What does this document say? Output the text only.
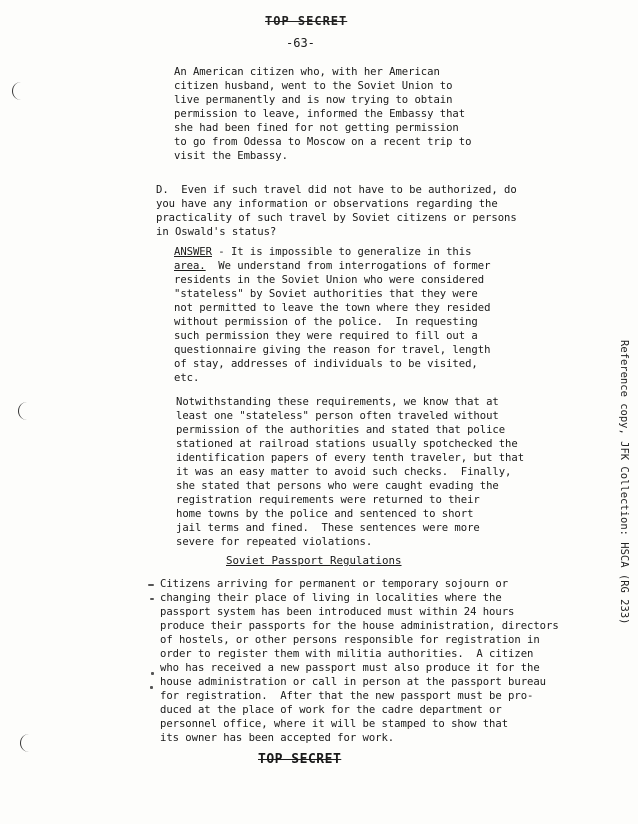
TOP SECRET
-63-
An American citizen who, with her American
citizen husband, went to the Soviet Union to
live permanently and is now trying to obtain
permission to leave, informed the Embassy that
she had been fined for not getting permission
to go from Odessa to Moscow on a recent trip to
visit the Embassy.
D.  Even if such travel did not have to be authorized, do
you have any information or observations regarding the
practicality of such travel by Soviet citizens or persons
in Oswald's status?
ANSWER - It is impossible to generalize in this
area.  We understand from interrogations of former
residents in the Soviet Union who were considered
"stateless" by Soviet authorities that they were
not permitted to leave the town where they resided
without permission of the police.  In requesting
such permission they were required to fill out a
questionnaire giving the reason for travel, length
of stay, addresses of individuals to be visited,
etc.
Notwithstanding these requirements, we know that at
least one "stateless" person often traveled without
permission of the authorities and stated that police
stationed at railroad stations usually spotchecked the
identification papers of every tenth traveler, but that
it was an easy matter to avoid such checks.  Finally,
she stated that persons who were caught evading the
registration requirements were returned to their
home towns by the police and sentenced to short
jail terms and fined.  These sentences were more
severe for repeated violations.
Soviet Passport Regulations
Citizens arriving for permanent or temporary sojourn or
changing their place of living in localities where the
passport system has been introduced must within 24 hours
produce their passports for the house administration, directors
of hostels, or other persons responsible for registration in
order to register them with militia authorities.  A citizen
who has received a new passport must also produce it for the
house administration or call in person at the passport bureau
for registration.  After that the new passport must be pro-
duced at the place of work for the cadre department or
personnel office, where it will be stamped to show that
its owner has been accepted for work.
TOP SECRET
Reference copy, JFK Collection: HSCA (RG 233)
